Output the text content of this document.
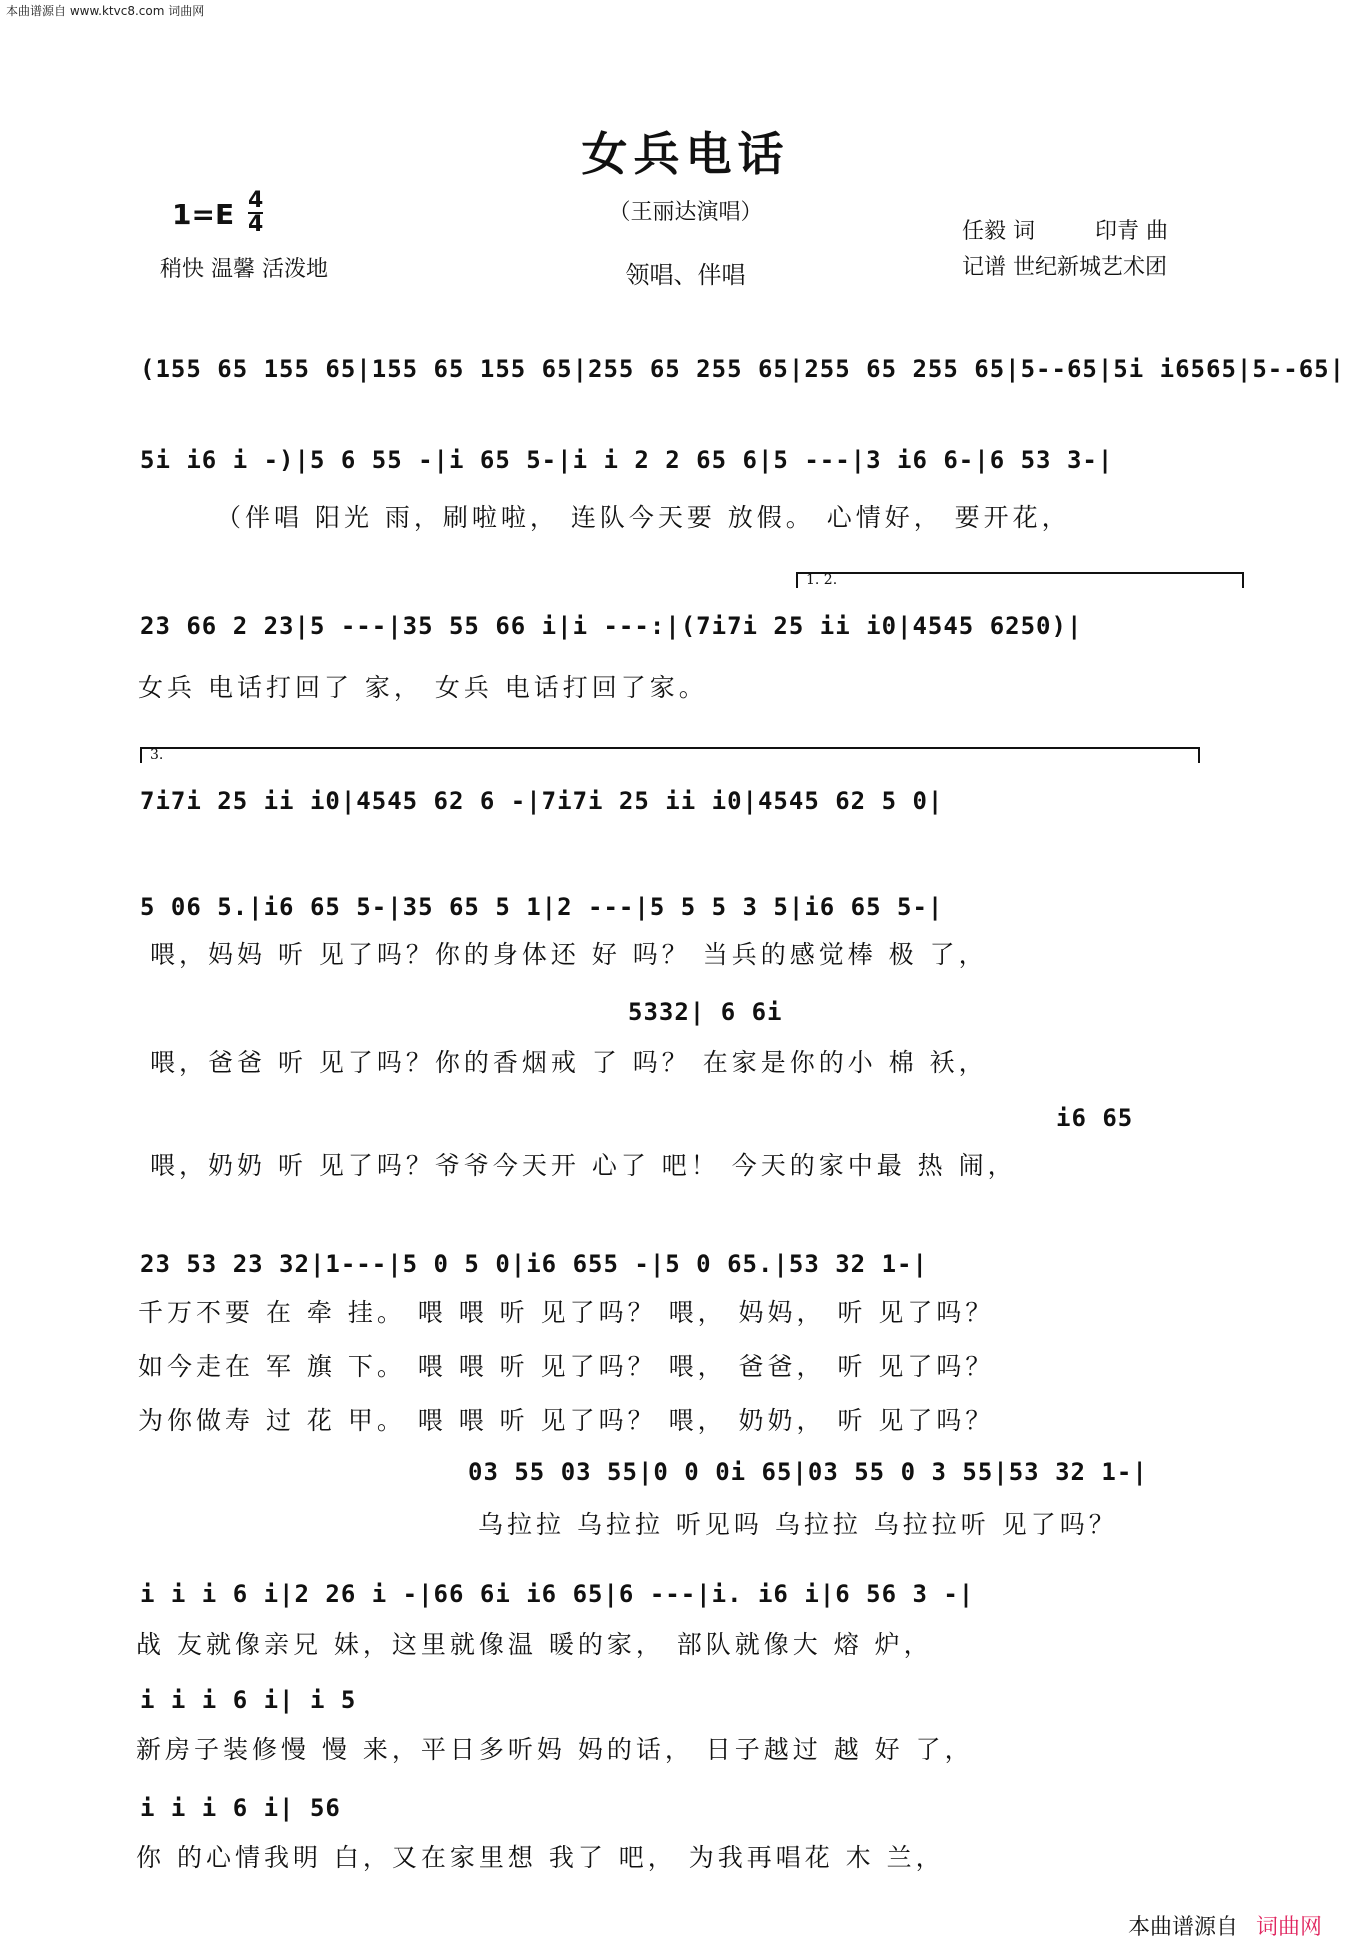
本曲谱源自 www.ktvc8.com 词曲网
女兵电话
（王丽达演唱）
领唱、伴唱
1=E 4
4
稍快 温馨 活泼地
任毅 词	印青 曲
记谱 世纪新城艺术团
1. 2.
3.
(155 65 155 65|155 65 155 65|255 65 255 65|255 65 255 65|5--65|5i i6565|5--65|
5i i6 i -)|5 6 55 -|i 65 5-|i i 2 2 65 6|5 ---|3 i6 6-|6 53 3-|
（伴唱 阳光 雨，刷啦啦， 连队今天要 放假。 心情好， 要开花，
23 66 2 23|5 ---|35 55 66 i|i ---:|(7i7i 25 ii i0|4545 6250)|
女兵 电话打回了 家， 女兵 电话打回了家。
7i7i 25 ii i0|4545 62 6 -|7i7i 25 ii i0|4545 62 5 0|
5 06 5.|i6 65 5-|35 65 5 1|2 ---|5 5 5 3 5|i6 65 5-|
喂，妈妈 听 见了吗？你的身体还 好 吗？ 当兵的感觉棒 极 了，
5332| 6 6i
喂，爸爸 听 见了吗？你的香烟戒 了 吗？ 在家是你的小 棉 袄，
i6 65
喂，奶奶 听 见了吗？爷爷今天开 心了 吧！ 今天的家中最 热 闹，
23 53 23 32|1---|5 0 5 0|i6 655 -|5 0 65.|53 32 1-|
千万不要 在 牵 挂。 喂 喂 听 见了吗？ 喂， 妈妈， 听 见了吗？
如今走在 军 旗 下。 喂 喂 听 见了吗？ 喂， 爸爸， 听 见了吗？
为你做寿 过 花 甲。 喂 喂 听 见了吗？ 喂， 奶奶， 听 见了吗？
03 55 03 55|0 0 0i 65|03 55 0 3 55|53 32 1-|
乌拉拉 乌拉拉 听见吗 乌拉拉 乌拉拉听 见了吗？
i i i 6 i|2 26 i -|66 6i i6 65|6 ---|i. i6 i|6 56 3 -|
战 友就像亲兄 妹，这里就像温 暖的家， 部队就像大 熔 炉，
i i i 6 i| i 5
新房子装修慢 慢 来，平日多听妈 妈的话， 日子越过 越 好 了，
i i i 6 i| 56
你 的心情我明 白，又在家里想 我了 吧， 为我再唱花 木 兰，
本曲谱源自 词曲网
